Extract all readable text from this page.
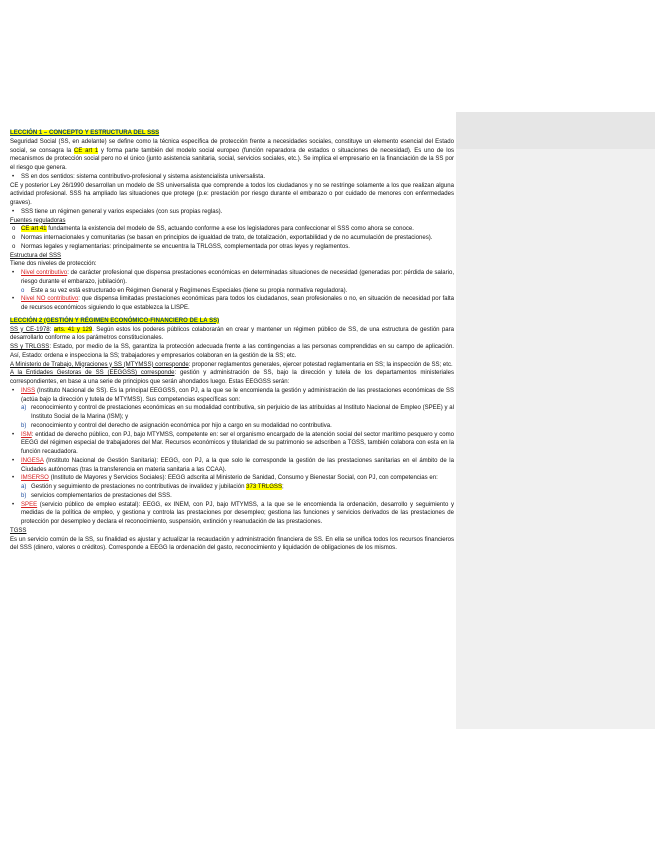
LECCIÓN 1 – CONCEPTO Y ESTRUCTURA DEL SSS

Seguridad Social (SS, en adelante) se define como la técnica específica de protección frente a necesidades sociales, constituye un elemento esencial del Estado social, se consagra la CE art 1 y forma parte también del modelo social europeo (función reparadora de estados o situaciones de necesidad). Es uno de los mecanismos de protección social pero no el único (junto asistencia sanitaria, social, servicios sociales, etc.). Se implica el empresario en la financiación de la SS por el riesgo que genera.

• SS en dos sentidos: sistema contributivo-profesional y sistema asistencialista universalista.

CE y posterior Ley 26/1990 desarrollan un modelo de SS universalista que comprende a todos los ciudadanos y no se restringe solamente a los que realizan alguna actividad profesional. SSS ha ampliado las situaciones que protege (p.e: prestación por riesgo durante el embarazo o por cuidado de menores con enfermedades graves).

• SSS tiene un régimen general y varios especiales (con sus propias reglas).

Fuentes reguladoras

o CE art 41 fundamenta la existencia del modelo de SS, actuando conforme a ese los legisladores para confeccionar el SSS como ahora se conoce.

o Normas internacionales y comunitarias (se basan en principios de igualdad de trato, de totalización, exportabilidad y de no acumulación de prestaciones).

o Normas legales y reglamentarias: principalmente se encuentra la TRLGSS, complementada por otras leyes y reglamentos.

Estructura del SSS

Tiene dos niveles de protección:

• Nivel contributivo: de carácter profesional que dispensa prestaciones económicas en determinadas situaciones de necesidad (generadas por: pérdida de salario, riesgo durante el embarazo, jubilación).

o Este a su vez está estructurado en Régimen General y Regímenes Especiales (tiene su propia normativa reguladora).

• Nivel NO contributivo: que dispensa limitadas prestaciones económicas para todos los ciudadanos, sean profesionales o no, en situación de necesidad por falta de recursos económicos siguiendo lo que establezca la LISPE.

LECCIÓN 2 (GESTIÓN Y RÉGIMEN ECONÓMICO-FINANCIERO DE LA SS)

SS y CE-1978: arts. 41 y 129. Según estos los poderes públicos colaborarán en crear y mantener un régimen público de SS, de una estructura de gestión para desarrollarlo conforme a los parámetros constitucionales.

SS y TRLGSS: Estado, por medio de la SS, garantiza la protección adecuada frente a las contingencias a las personas comprendidas en su campo de aplicación. Así, Estado: ordena e inspecciona la SS; trabajadores y empresarios colaboran en la gestión de la SS; etc.

A Ministerio de Trabajo, Migraciones y SS (MTYMSS) corresponde: proponer reglamentos generales, ejercer potestad reglamentaria en SS; la inspección de SS; etc.

A la Entidades Gestoras de SS (EEGGSS) corresponde: gestión y administración de SS, bajo la dirección y tutela de los departamentos ministeriales correspondientes, en base a una serie de principios que serán ahondados luego. Estas EEGGSS serán:

• INSS (Instituto Nacional de SS). Es la principal EEGGSS, con PJ, a la que se le encomienda la gestión y administración de las prestaciones económicas de SS (actúa bajo la dirección y tutela de MTYMSS). Sus competencias específicas son:

a) reconocimiento y control de prestaciones económicas en su modalidad contributiva, sin perjuicio de las atribuidas al Instituto Nacional de Empleo (SPEE) y al Instituto Social de la Marina (ISM); y

b) reconocimiento y control del derecho de asignación económica por hijo a cargo en su modalidad no contributiva.

• ISM: entidad de derecho público, con PJ, bajo MTYMSS, competente en: ser el organismo encargado de la atención social del sector marítimo pesquero y como EEGG del régimen especial de trabajadores del Mar. Recursos económicos y titularidad de su patrimonio se adscriben a TGSS, también colabora con esta en la función recaudadora.

• INGESA (Instituto Nacional de Gestión Sanitaria): EEGG, con PJ, a la que solo le corresponde la gestión de las prestaciones sanitarias en el ámbito de la Ciudades autónomas (tras la transferencia en materia sanitaria a las CCAA).

• IMSERSO (Instituto de Mayores y Servicios Sociales): EEGG adscrita al Ministerio de Sanidad, Consumo y Bienestar Social, con PJ, con competencias en:

a) Gestión y seguimiento de prestaciones no contributivas de invalidez y jubilación 373 TRLGSS;

b) servicios complementarios de prestaciones del SSS.

• SPEE (servicio público de empleo estatal): EEGG, ex INEM, con PJ, bajo MTYMSS, a la que se le encomienda la ordenación, desarrollo y seguimiento y medidas de la política de empleo, y gestiona y controla las prestaciones por desempleo; gestiona las funciones y servicios derivados de las prestaciones de protección por desempleo y declara el reconocimiento, suspensión, extinción y reanudación de las prestaciones.

TGSS

Es un servicio común de la SS, su finalidad es ajustar y actualizar la recaudación y administración financiera de SS. En ella se unifica todos los recursos financieros del SSS (dinero, valores o créditos). Corresponde a EEGG la ordenación del gasto, reconocimiento y liquidación de obligaciones de los mismos.
